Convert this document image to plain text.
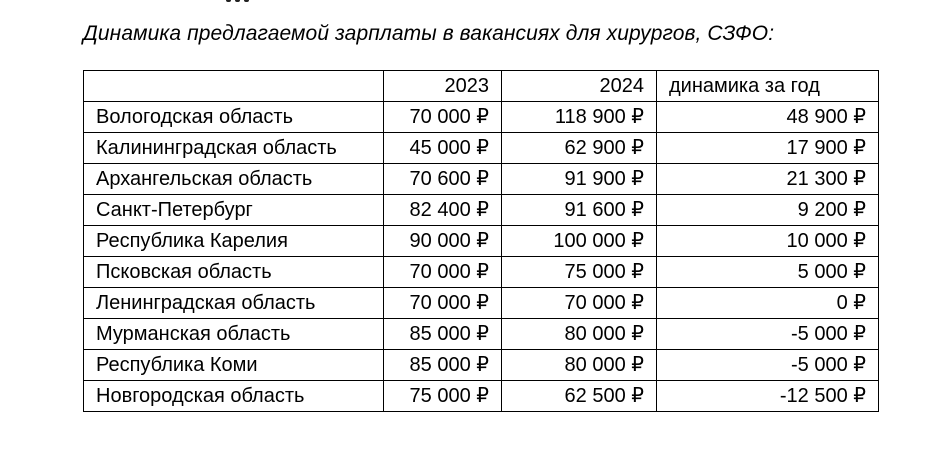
Динамика предлагаемой зарплаты в вакансиях для хирургов, СЗФО:
	2023	2024	динамика за год
Вологодская область	70 000 ₽	118 900 ₽	48 900 ₽
Калининградская область	45 000 ₽	62 900 ₽	17 900 ₽
Архангельская область	70 600 ₽	91 900 ₽	21 300 ₽
Санкт-Петербург	82 400 ₽	91 600 ₽	9 200 ₽
Республика Карелия	90 000 ₽	100 000 ₽	10 000 ₽
Псковская область	70 000 ₽	75 000 ₽	5 000 ₽
Ленинградская область	70 000 ₽	70 000 ₽	0 ₽
Мурманская область	85 000 ₽	80 000 ₽	-5 000 ₽
Республика Коми	85 000 ₽	80 000 ₽	-5 000 ₽
Новгородская область	75 000 ₽	62 500 ₽	-12 500 ₽
